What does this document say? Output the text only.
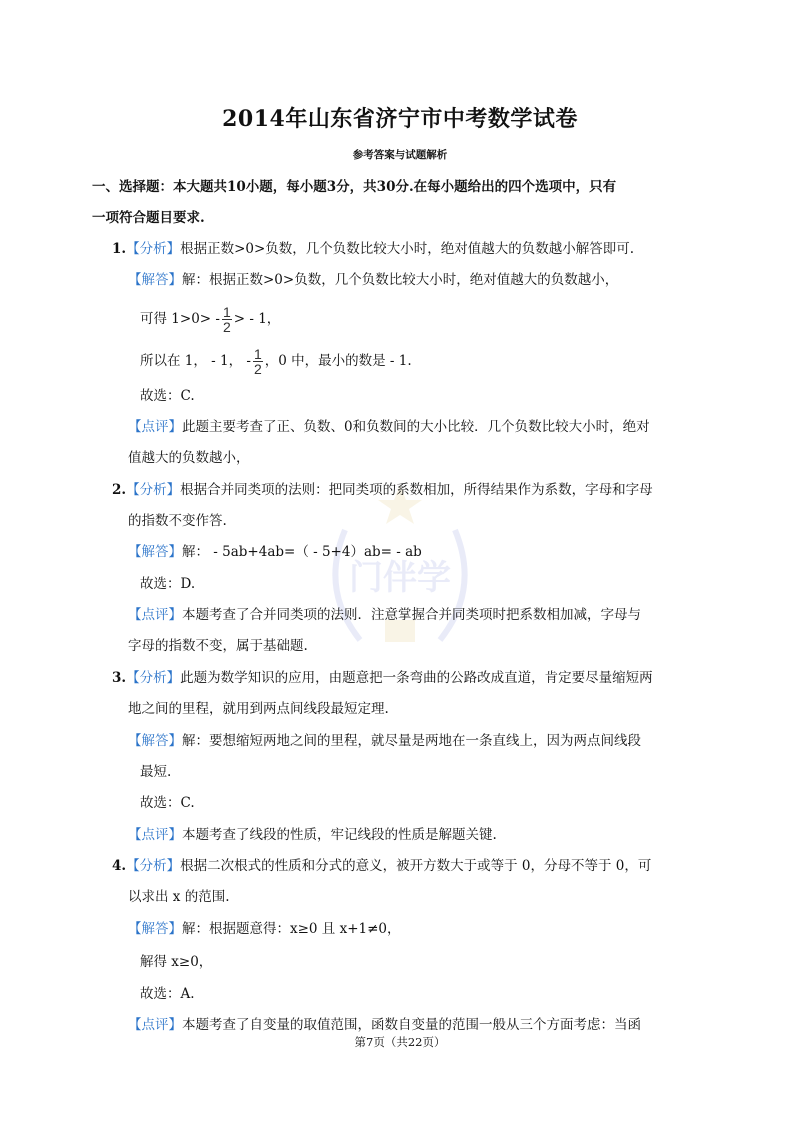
2014年山东省济宁市中考数学试卷
参考答案与试题解析
门伴学
一、选择题：本大题共10小题，每小题3分，共30分.在每小题给出的四个选项中，只有
一项符合题目要求.
1.【分析】根据正数>0>负数，几个负数比较大小时，绝对值越大的负数越小解答即可.
【解答】解：根据正数>0>负数，几个负数比较大小时，绝对值越大的负数越小，
可得 $1>0> - \frac{1}{2}$ > - 1，
所以在 1， - 1， - $\frac{1}{2}$ ，0 中，最小的数是 - 1.
故选：C.
【点评】此题主要考查了正、负数、0和负数间的大小比较．几个负数比较大小时，绝对
值越大的负数越小，
2.【分析】根据合并同类项的法则：把同类项的系数相加，所得结果作为系数，字母和字母
的指数不变作答.
【解答】解： - 5ab+4ab=（ - 5+4）ab= - ab
故选：D.
【点评】本题考查了合并同类项的法则．注意掌握合并同类项时把系数相加减，字母与
字母的指数不变，属于基础题.
3.【分析】此题为数学知识的应用，由题意把一条弯曲的公路改成直道，肯定要尽量缩短两
地之间的里程，就用到两点间线段最短定理.
【解答】解：要想缩短两地之间的里程，就尽量是两地在一条直线上，因为两点间线段
最短.
故选：C.
【点评】本题考查了线段的性质，牢记线段的性质是解题关键.
4.【分析】根据二次根式的性质和分式的意义，被开方数大于或等于 0，分母不等于 0，可
以求出 x 的范围.
【解答】解：根据题意得：x≥0 且 x+1≠0，
解得 x≥0，
故选：A.
【点评】本题考查了自变量的取值范围，函数自变量的范围一般从三个方面考虑：当函
第7页（共22页）
